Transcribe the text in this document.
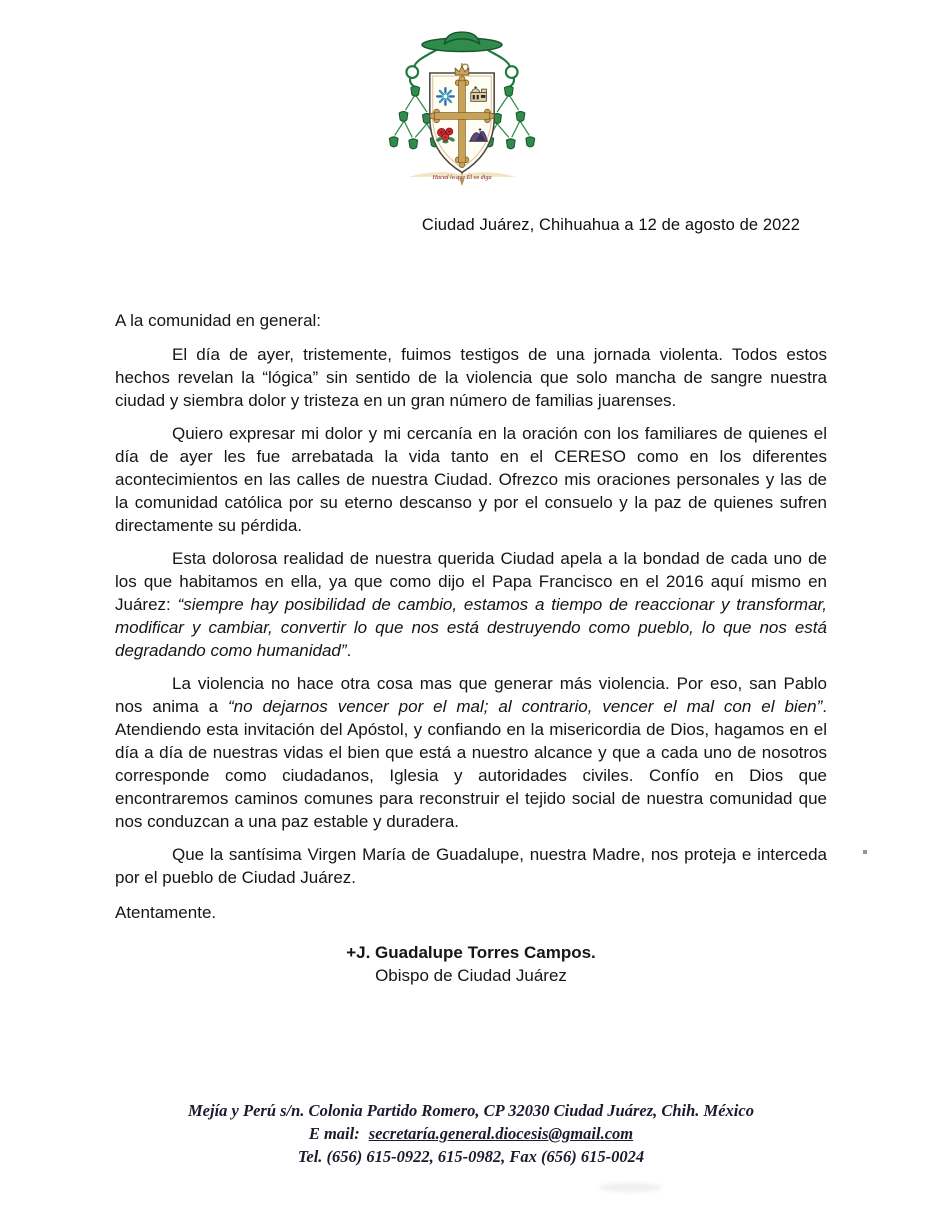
Haced lo que Él os diga
Ciudad Juárez, Chihuahua a 12 de agosto de 2022
A la comunidad en general:

El día de ayer, tristemente, fuimos testigos de una jornada violenta. Todos estos hechos revelan la “lógica” sin sentido de la violencia que solo mancha de sangre nuestra ciudad y siembra dolor y tristeza en un gran número de familias juarenses.

Quiero expresar mi dolor y mi cercanía en la oración con los familiares de quienes el día de ayer les fue arrebatada la vida tanto en el CERESO como en los diferentes acontecimientos en las calles de nuestra Ciudad. Ofrezco mis oraciones personales y las de la comunidad católica por su eterno descanso y por el consuelo y la paz de quienes sufren directamente su pérdida.

Esta dolorosa realidad de nuestra querida Ciudad apela a la bondad de cada uno de los que habitamos en ella, ya que como dijo el Papa Francisco en el 2016 aquí mismo en Juárez: “siempre hay posibilidad de cambio, estamos a tiempo de reaccionar y transformar, modificar y cambiar, convertir lo que nos está destruyendo como pueblo, lo que nos está degradando como humanidad”.

La violencia no hace otra cosa mas que generar más violencia. Por eso, san Pablo nos anima a “no dejarnos vencer por el mal; al contrario, vencer el mal con el bien”. Atendiendo esta invitación del Apóstol, y confiando en la misericordia de Dios, hagamos en el día a día de nuestras vidas el bien que está a nuestro alcance y que a cada uno de nosotros corresponde como ciudadanos, Iglesia y autoridades civiles. Confío en Dios que encontraremos caminos comunes para reconstruir el tejido social de nuestra comunidad que nos conduzcan a una paz estable y duradera.

Que la santísima Virgen María de Guadalupe, nuestra Madre, nos proteja e interceda por el pueblo de Ciudad Juárez.

Atentamente.
+J. Guadalupe Torres Campos.
Obispo de Ciudad Juárez
Mejía y Perú s/n. Colonia Partido Romero, CP 32030 Ciudad Juárez, Chih. México
E mail: secretaría.general.diocesis@gmail.com
Tel. (656) 615-0922, 615-0982, Fax (656) 615-0024
